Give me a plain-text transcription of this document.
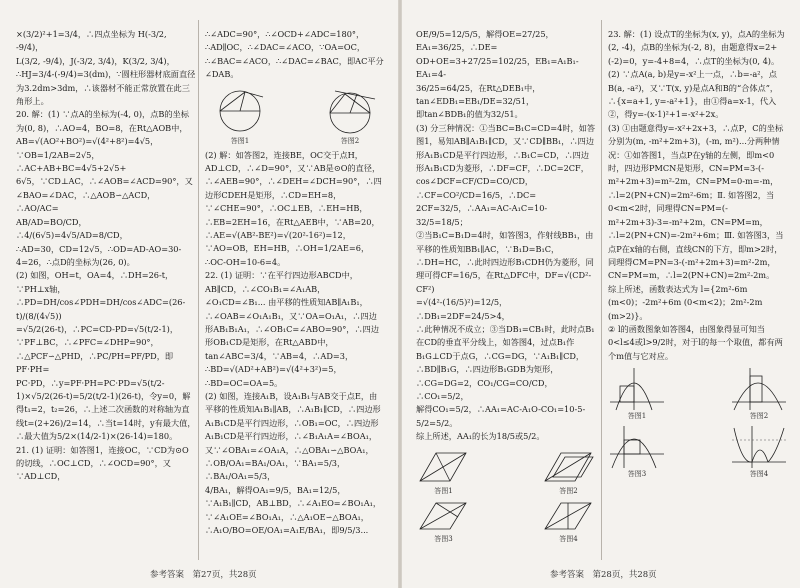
×(3/2)²+1=3/4，∴四点坐标为 H(-3/2, -9/4)，

L(3/2, -9/4)，J(-3/2, 3/4)，K(3/2, 3/4)，

∴HJ=3/4-(-9/4)=3(dm)，∵圆柱形器材底面直径为3.2dm>3dm，∴该器材不能正常放置在此三角形上。

20. 解：(1) ∵点A的坐标为(-4, 0)，点B的坐标为(0, 8)，∴AO=4，BO=8，在Rt△AOB中，

AB=√(AO²+BO²)=√(4²+8²)=4√5，∵OB=1/2AB=2√5，∴AC+AB+BC=4√5+2√5+

6√5，∵CD⊥AC，∴∠AOB=∠ACD=90°，又∠BAO=∠DAC，∴△AOB∽△ACD，∴AO/AC=

AB/AD=BO/CD，∴4/(6√5)=4√5/AD=8/CD，

∴AD=30，CD=12√5，∴OD=AD-AO=30-4=26，∴点D的坐标为(26, 0)。

(2) 如图，OH=t，OA=4，∴DH=26-t，∵PH⊥x轴，∴PD=DH/cos∠PDH=DH/cos∠ADC=(26-t)/(8/(4√5))

=√5/2(26-t)，∴PC=CD-PD=√5(t/2-1)，∵PF⊥BC，∴∠PFC=∠DHP=90°，∴△PCF∽△PHD，∴PC/PH=PF/PD，即PF·PH=

PC·PD，∴y=PF·PH=PC·PD=√5(t/2-1)×√5/2(26-t)=5/2(t/2-1)(26-t)，令y=0，解得t₁=2，t₂=26，∴上述二次函数的对称轴为直线t=(2+26)/2=14，∴当t=14时，y有最大值，

∴最大值为5/2×(14/2-1)×(26-14)=180。

21. (1) 证明：如答图1，连接OC，∵CD为⊙O的切线，∴OC⊥CD，∴∠OCD=90°，又∵AD⊥CD，

∴∠ADC=90°，∴∠OCD+∠ADC=180°，

∴AD∥OC，∴∠DAC=∠ACO，∵OA=OC，

∴∠BAC=∠ACO，∴∠DAC=∠BAC，即AC平分∠DAB。

答图1	答图2

(2) 解：如答图2，连接BE，OC交于点H，AD⊥CD，∴∠D=90°，又∵AB是⊙O的直径，∴∠AEB=90°，∴∠DEH=∠DCH=90°，∴四边形CDEH是矩形，∴CD=EH=8，∵∠CHE=90°，∴OC⊥EB，∴EH=HB，∴EB=2EH=16，在Rt△AEB中，∵AB=20，∴AE=√(AB²-BE²)=√(20²-16²)=12，∵AO=OB，EH=HB，∴OH=1/2AE=6，

∴OC-OH=10-6=4。

22. (1) 证明：∵在平行四边形ABCD中，AB∥CD，∴∠CO₁B₁=∠A₁AB，∠O₁CD=∠B₁... 由平移的性质知AB∥A₁B₁，∴∠OAB=∠O₁A₁B₁，又∵OA=O₁A₁，∴四边形AB₁B₁A₁，∴∠OB₁C=∠ABO=90°，∴四边形OB₁CD是矩形，在Rt△ABD中，tan∠ABC=3/4，∵AB=4，∴AD=3，

∴BD=√(AD²+AB²)=√(4²+3²)=5，∴BD=OC=OA=5。

(2) 如图，连接A₁B，设A₁B₁与AB交于点E，由平移的性质知A₁B₁∥AB，∴A₁B₁∥CD，∴四边形A₁B₁CD是平行四边形，∴OB₁=OC，∴四边形A₁B₁CD是平行四边形，∴∠B₁A₁A=∠BOA₁，又∵∠OBA₁=∠OA₁A，∴△OBA₁∽△BOA₁，∴OB/OA₁=BA₁/OA₁，∵BA₁=5/3，∴BA₁/OA₁=5/3，

4/BA₁，解得OA₁=9/5，BA₁=12/5，∵A₁B₁∥CD，AB⊥BD，∴∠A₁EO=∠BO₁A₁，∵∠A₁OE=∠BO₁A₁，∴△A₁OE∽△BOA₁，∴A₁O/BO=OE/OA₁=A₁E/BA₁，即9/5/3...

参考答案　第27页，共28页

OE/9/5=12/5/5，解得OE=27/25，EA₁=36/25，∴DE=

OD+OE=3+27/25=102/25，EB₁=A₁B₁-EA₁=4-

36/25=64/25，在Rt△DEB₁中，tan∠EDB₁=EB₁/DE=32/51，

即tan∠BDB₁的值为32/51。

(3) 分三种情况：①当BC=B₁C=CD=4时，如答图1，易知AB∥A₁B₁∥CD，又∵CD∥BB₁，∴四边形A₁B₁CD是平行四边形，∴B₁C=CD，∴四边形A₁B₁CD为菱形，∴DF=CF，∴DC=2CF，

cos∠DCF=CF/CD=CO/CD，∴CF=CO²/CD=16/5，∴DC=

2CF=32/5，∴AA₁=AC-A₁C=10-32/5=18/5；

②当B₁C=B₁D=4时，如答图3，作射线BB₁，由平移的性质知BB₁∥AC，∵B₁D=B₁C，∴DH=HC，∴此时四边形B₁CDH仍为菱形，同理可得CF=16/5，在Rt△DFC中，DF=√(CD²-CF²)

=√(4²-(16/5)²)=12/5，∴DB₁=2DF=24/5>4，

∴此种情况不成立；③当DB₁=CB₁时，此时点B₁在CD的垂直平分线上，如答图4，过点B₁作B₁G⊥CD于点G，∴CG=DG，∵A₁B₁∥CD，∴BD∥B₁G，∴四边形B₁GDB为矩形，∴CG=DG=2，CO₁/CG=CO/CD，∴CO₁=5/2，

解得CO₁=5/2，∴AA₁=AC-A₁O-CO₁=10-5-

5/2=5/2。

综上所述，AA₁的长为18/5或5/2。

答图1	答图2
答图3	答图4

23. 解：(1) 设点T的坐标为(x, y)，点A的坐标为(2, -4)，点B的坐标为(-2, 8)，由题意得x=2+(-2)=0，y=-4+8=4，∴点T的坐标为(0, 4)。

(2) ∵点A(a, b)是y=-x²上一点，∴b=-a²，点B(a, -a²)，又∵T(x, y)是点A和B的“合体点”，∴{x=a+1, y=-a²+1}，由①得a=x-1，代入②，得y=-(x-1)²+1=-x²+2x。

(3) ①由题意得y=-x²+2x+3，∴点P，C的坐标分别为(m, -m²+2m+3)，(-m, m²)...分两种情况：①如答图1，当点P在y轴的左侧，即m<0时，四边形PMCN是矩形，CN=PM=3-(-m²+2m+3)=m²-2m，CN=PM=0-m=-m，∴l=2(PN+CN)=2m²-6m；Ⅱ. 如答图2，当0<m<2时，同理得CN=PM=(-m²+2m+3)-3=-m²+2m，CN=PM=m，∴l=2(PN+CN)=-2m²+6m；Ⅲ. 如答图3，当点P在x轴的右侧，直线CN的下方，即m>2时，同理得CM=PN=3-(-m²+2m+3)=m²-2m，CN=PM=m，∴l=2(PN+CN)=2m²-2m。

综上所述，函数表达式为 l={2m²-6m (m<0)；-2m²+6m (0<m<2)；2m²-2m (m>2)}。

② l的函数图象如答图4，由图象得显可知当0<l≤4或l>9/2时，对于l的每一个取值，都有两个m值与它对应。

答图1	答图2
答图3	答图4
参考答案　第28页，共28页
